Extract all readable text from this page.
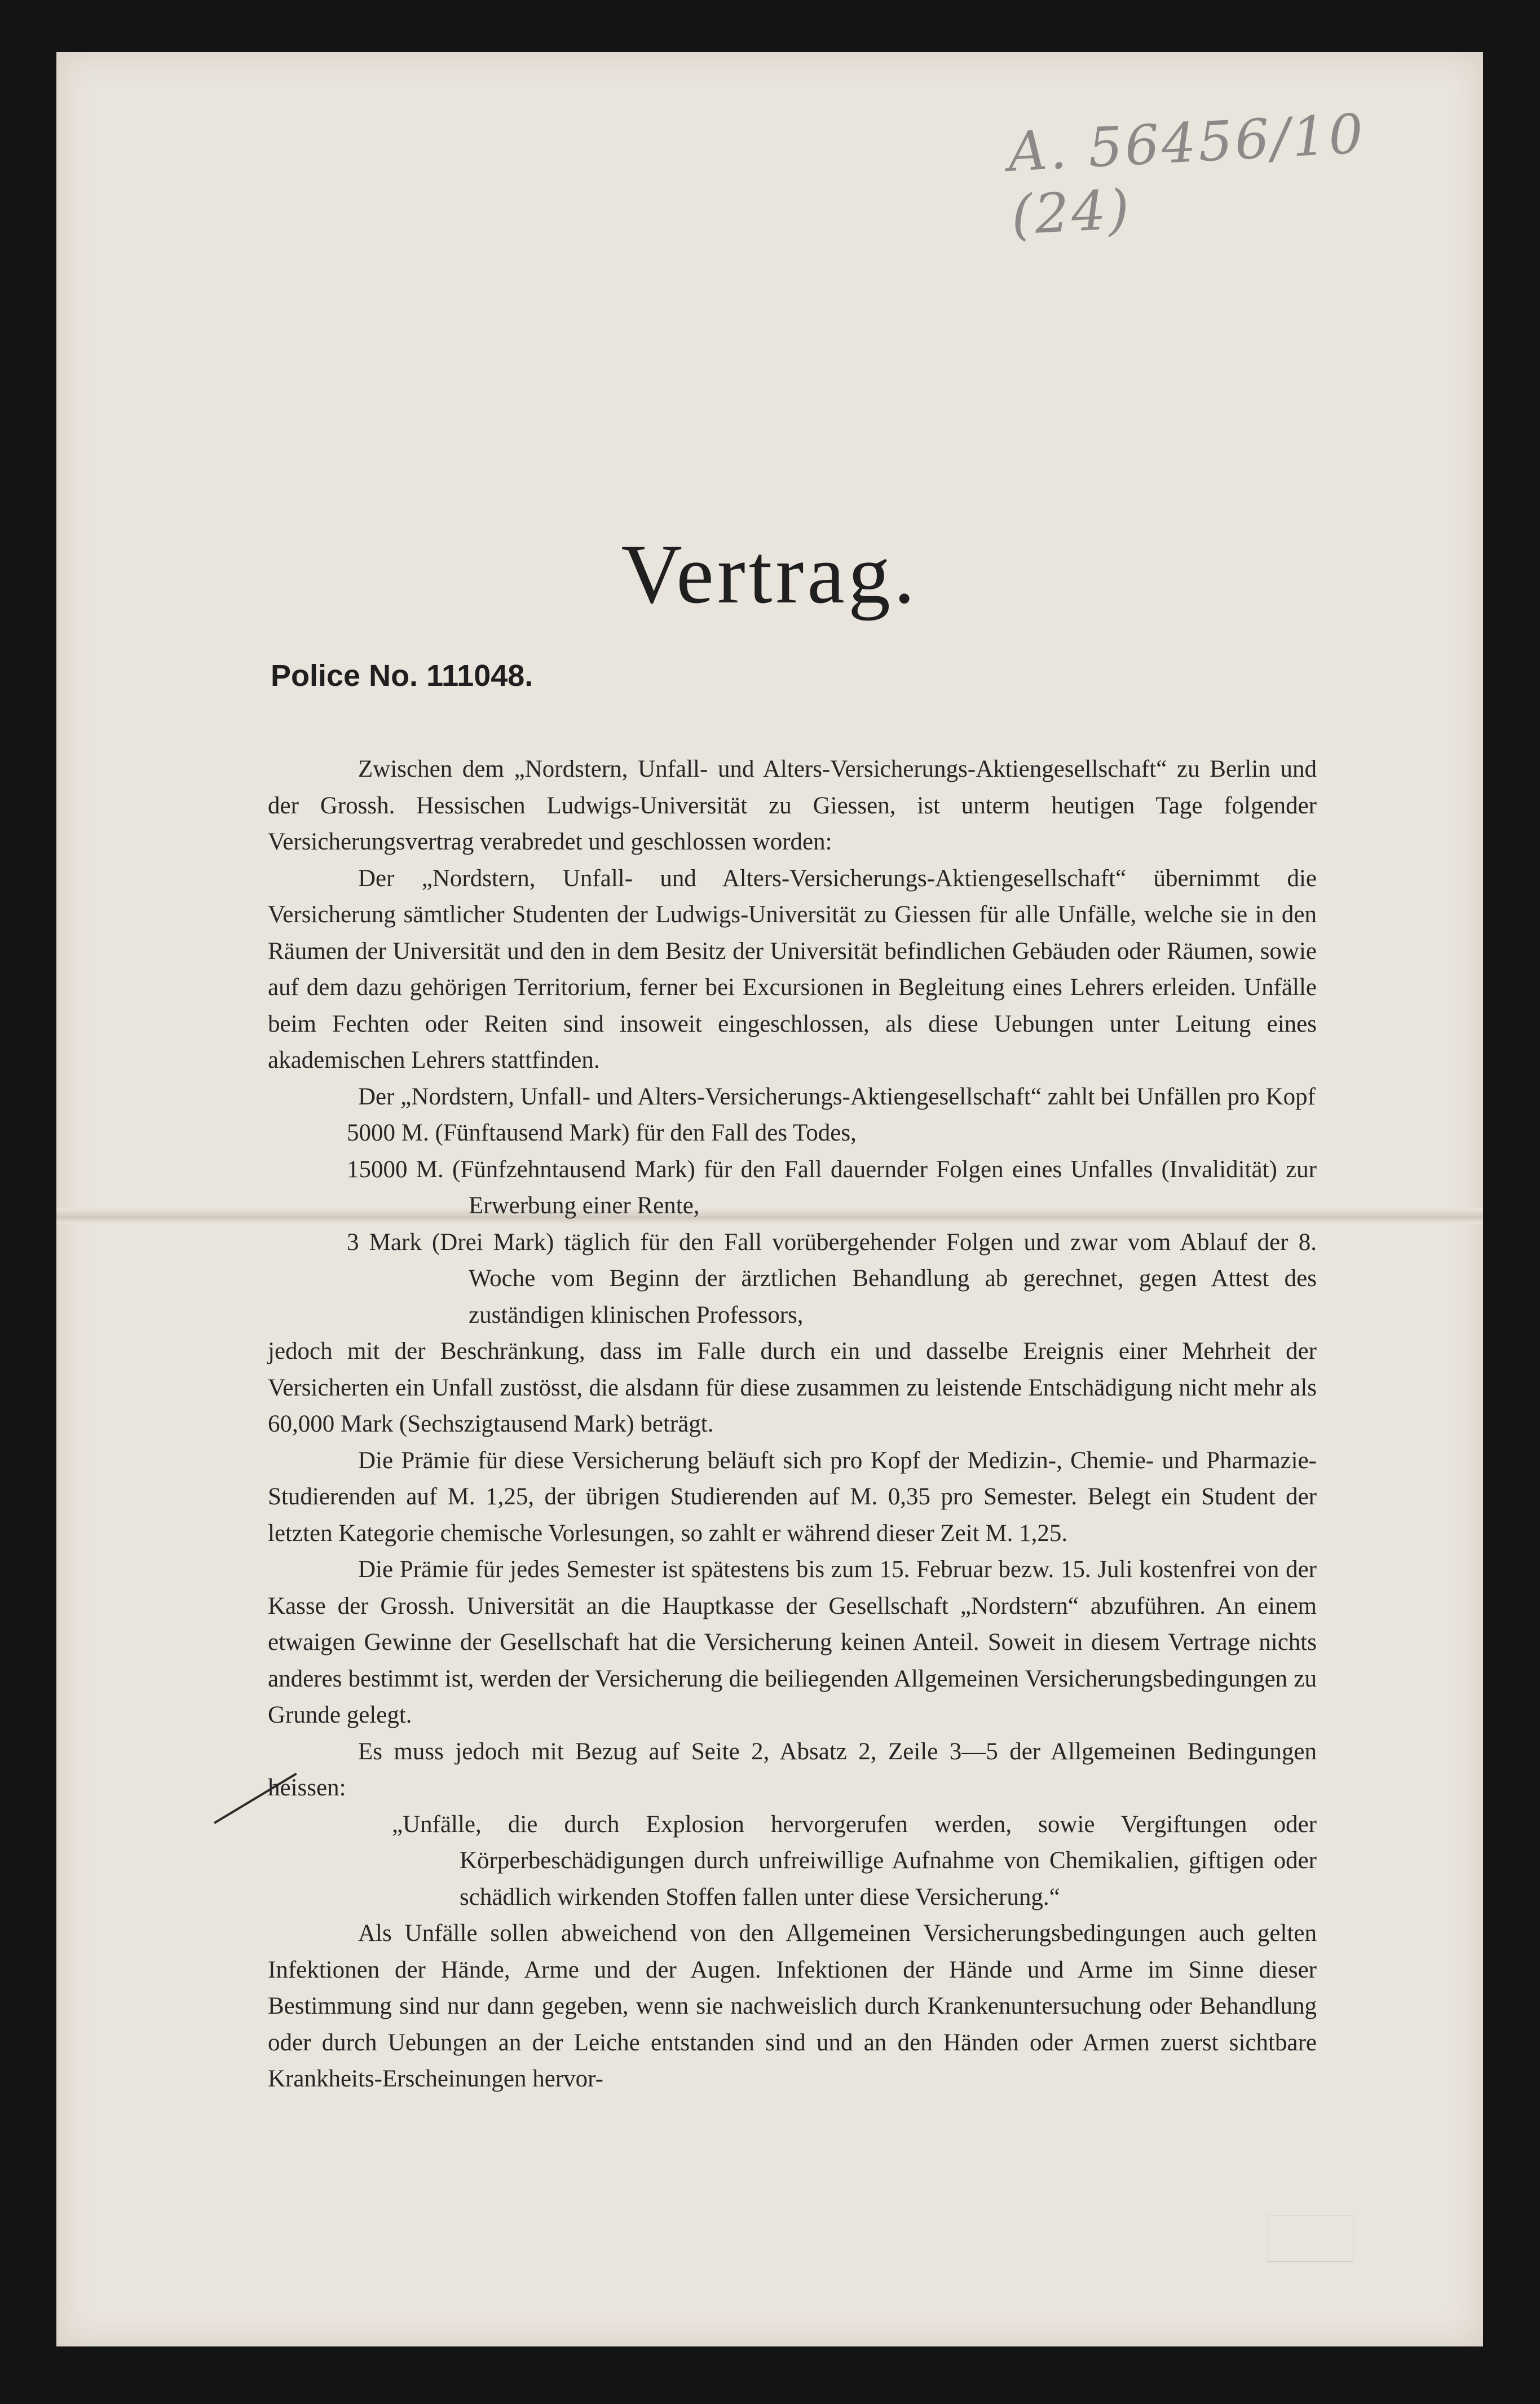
A. 56456/10 (24)
Vertrag.
Police No. 111048.

Zwischen dem „Nordstern, Unfall- und Alters-Versicherungs-Aktiengesellschaft“ zu Berlin und der Grossh. Hessischen Ludwigs-Universität zu Giessen, ist unterm heutigen Tage folgender Versicherungsvertrag verabredet und geschlossen worden:

Der „Nordstern, Unfall- und Alters-Versicherungs-Aktiengesellschaft“ übernimmt die Versicherung sämtlicher Studenten der Ludwigs-Universität zu Giessen für alle Unfälle, welche sie in den Räumen der Universität und den in dem Besitz der Universität befindlichen Gebäuden oder Räumen, sowie auf dem dazu gehörigen Territorium, ferner bei Excursionen in Begleitung eines Lehrers erleiden. Unfälle beim Fechten oder Reiten sind insoweit eingeschlossen, als diese Uebungen unter Leitung eines akademischen Lehrers stattfinden.

Der „Nordstern, Unfall- und Alters-Versicherungs-Aktiengesellschaft“ zahlt bei Unfällen pro Kopf

5000 M. (Fünftausend Mark) für den Fall des Todes,
15000 M. (Fünfzehntausend Mark) für den Fall dauernder Folgen eines Unfalles (Invalidität) zur Erwerbung einer Rente,
3 Mark (Drei Mark) täglich für den Fall vorübergehender Folgen und zwar vom Ablauf der 8. Woche vom Beginn der ärztlichen Behandlung ab gerechnet, gegen Attest des zuständigen klinischen Professors,

jedoch mit der Beschränkung, dass im Falle durch ein und dasselbe Ereignis einer Mehrheit der Versicherten ein Unfall zustösst, die alsdann für diese zusammen zu leistende Entschädigung nicht mehr als 60,000 Mark (Sechszigtausend Mark) beträgt.

Die Prämie für diese Versicherung beläuft sich pro Kopf der Medizin-, Chemie- und Pharmazie-Studierenden auf M. 1,25, der übrigen Studierenden auf M. 0,35 pro Semester. Belegt ein Student der letzten Kategorie chemische Vorlesungen, so zahlt er während dieser Zeit M. 1,25.

Die Prämie für jedes Semester ist spätestens bis zum 15. Februar bezw. 15. Juli kostenfrei von der Kasse der Grossh. Universität an die Hauptkasse der Gesellschaft „Nordstern“ abzuführen. An einem etwaigen Gewinne der Gesellschaft hat die Versicherung keinen Anteil. Soweit in diesem Vertrage nichts anderes bestimmt ist, werden der Versicherung die beiliegenden Allgemeinen Versicherungsbedingungen zu Grunde gelegt.

Es muss jedoch mit Bezug auf Seite 2, Absatz 2, Zeile 3—5 der Allgemeinen Bedingungen heissen:

„Unfälle, die durch Explosion hervorgerufen werden, sowie Vergiftungen oder Körperbeschädigungen durch unfreiwillige Aufnahme von Chemikalien, giftigen oder schädlich wirkenden Stoffen fallen unter diese Versicherung.“

Als Unfälle sollen abweichend von den Allgemeinen Versicherungsbedingungen auch gelten Infektionen der Hände, Arme und der Augen. Infektionen der Hände und Arme im Sinne dieser Bestimmung sind nur dann gegeben, wenn sie nachweislich durch Krankenuntersuchung oder Behandlung oder durch Uebungen an der Leiche entstanden sind und an den Händen oder Armen zuerst sichtbare Krankheits-Erscheinungen hervor-
